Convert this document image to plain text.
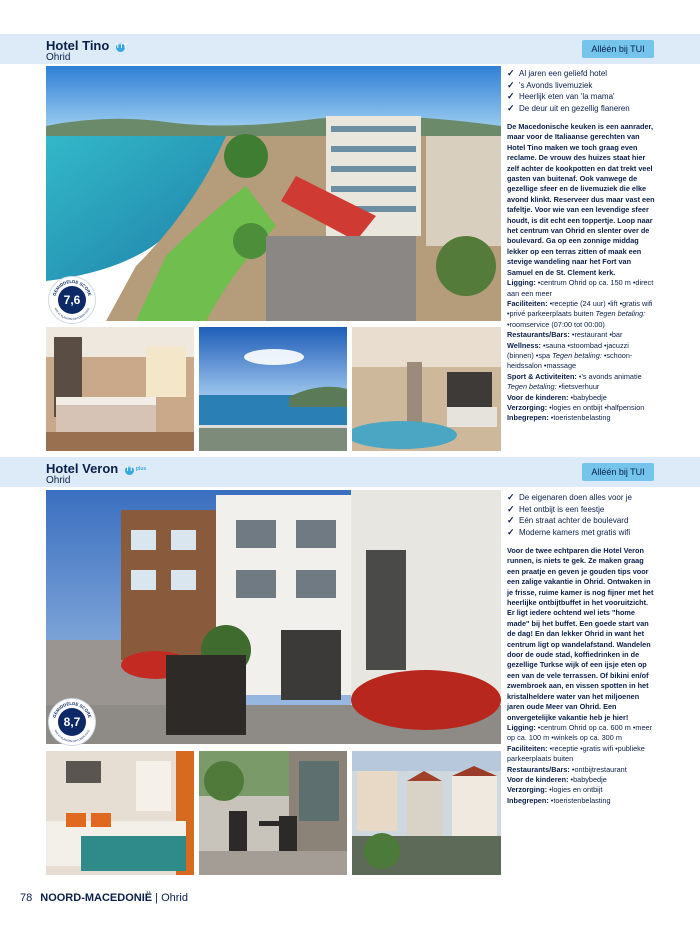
Hotel Tino TTT
Ohrid
Alléén bij TUI
GEMIDDELDE SCORE
VAN 41 KLANTEN (OKTOBER 2021)
7,6
✓ Al jaren een geliefd hotel
✓ 's Avonds livemuziek
✓ Heerlijk eten van 'la mama'
✓ De deur uit en gezellig flaneren

De Macedonische keuken is een aanrader, maar voor de Italiaanse gerechten van Hotel Tino maken we toch graag even reclame. De vrouw des huizes staat hier zelf achter de kookpotten en dat trekt veel gasten van buitenaf. Ook vanwege de gezellige sfeer en de livemuziek die elke avond klinkt. Reserveer dus maar vast een tafeltje. Voor wie van een levendige sfeer houdt, is dit echt een toppertje. Loop naar het centrum van Ohrid en slenter over de boulevard. Ga op een zonnige middag lekker op een terras zitten of maak een stevige wandeling naar het Fort van Samuel en de St. Clement kerk.

Ligging: •centrum Ohrid op ca. 150 m •direct aan een meer

Faciliteiten: •receptie (24 uur) •lift •gratis wifi •privé parkeerplaats buiten Tegen betaling: •roomservice (07:00 tot 00:00)

Restaurants/Bars: •restaurant •bar

Wellness: •sauna •stoombad •jacuzzi (binnen) •spa Tegen betaling: •schoon-heidssalon •massage

Sport & Activiteiten: •'s avonds animatie Tegen betaling: •fietsverhuur

Voor de kinderen: •babybedje

Verzorging: •logies en ontbijt •halfpension

Inbegrepen: •toeristenbelasting

Hotel Veron TT plus
Ohrid
Alléén bij TUI
GEMIDDELDE SCORE
VAN 47 KLANTEN (OKTOBER 2021)
8,7
✓ De eigenaren doen alles voor je
✓ Het ontbijt is een feestje
✓ Eén straat achter de boulevard
✓ Moderne kamers met gratis wifi

Voor de twee echtparen die Hotel Veron runnen, is niets te gek. Ze maken graag een praatje en geven je gouden tips voor een zalige vakantie in Ohrid. Ontwaken in je frisse, ruime kamer is nog fijner met het heerlijke ontbijtbuffet in het vooruitzicht. Er ligt iedere ochtend wel iets "home made" bij het buffet. Een goede start van de dag! En dan lekker Ohrid in want het centrum ligt op wandelafstand. Wandelen door de oude stad, koffiedrinken in de gezellige Turkse wijk of een ijsje eten op een van de vele terrassen. Of bikini en/of zwembroek aan, en vissen spotten in het kristalheldere water van het miljoenen jaren oude Meer van Ohrid. Een onvergetelijke vakantie heb je hier!

Ligging: •centrum Ohrid op ca. 600 m •meer op ca. 100 m •winkels op ca. 300 m

Faciliteiten: •receptie •gratis wifi •publieke parkeerplaats buiten

Restaurants/Bars: •ontbijtrestaurant

Voor de kinderen: •babybedje

Verzorging: •logies en ontbijt

Inbegrepen: •toeristenbelasting

78 NOORD-MACEDONIË | Ohrid
